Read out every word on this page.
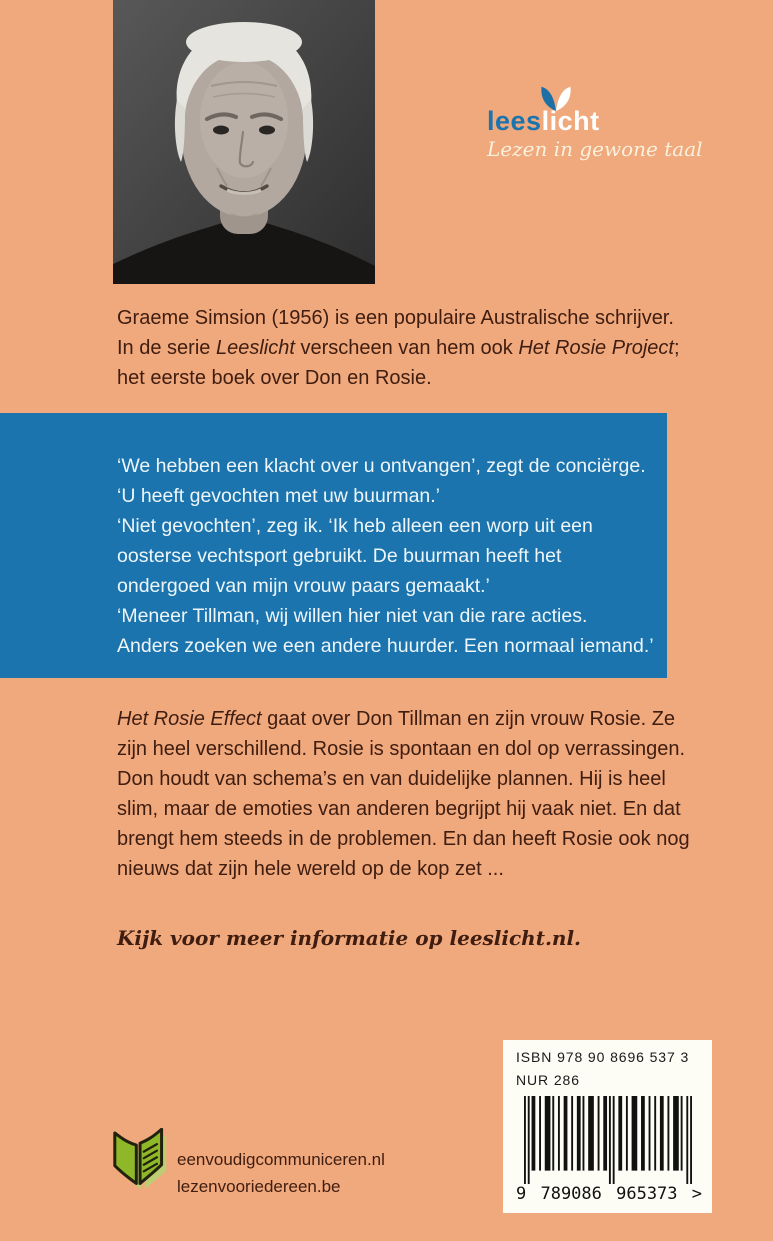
leeslicht
Lezen in gewone taal

Graeme Simsion (1956) is een populaire Australische schrijver. In de serie Leeslicht verscheen van hem ook Het Rosie Project; het eerste boek over Don en Rosie.

‘We hebben een klacht over u ontvangen’, zegt de conciërge.
‘U heeft gevochten met uw buurman.’
‘Niet gevochten’, zeg ik. ‘Ik heb alleen een worp uit een
oosterse vechtsport gebruikt. De buurman heeft het
ondergoed van mijn vrouw paars gemaakt.’
‘Meneer Tillman, wij willen hier niet van die rare acties.
Anders zoeken we een andere huurder. Een normaal iemand.’

Het Rosie Effect gaat over Don Tillman en zijn vrouw Rosie. Ze zijn heel verschillend. Rosie is spontaan en dol op verrassingen. Don houdt van schema’s en van duidelijke plannen. Hij is heel slim, maar de emoties van anderen begrijpt hij vaak niet. En dat brengt hem steeds in de problemen. En dan heeft Rosie ook nog nieuws dat zijn hele wereld op de kop zet ...

Kijk voor meer informatie op leeslicht.nl.

ISBN 978 90 8696 537 3
NUR 286
9 789086 965373 >
eenvoudigcommuniceren.nl
lezenvooriedereen.be
